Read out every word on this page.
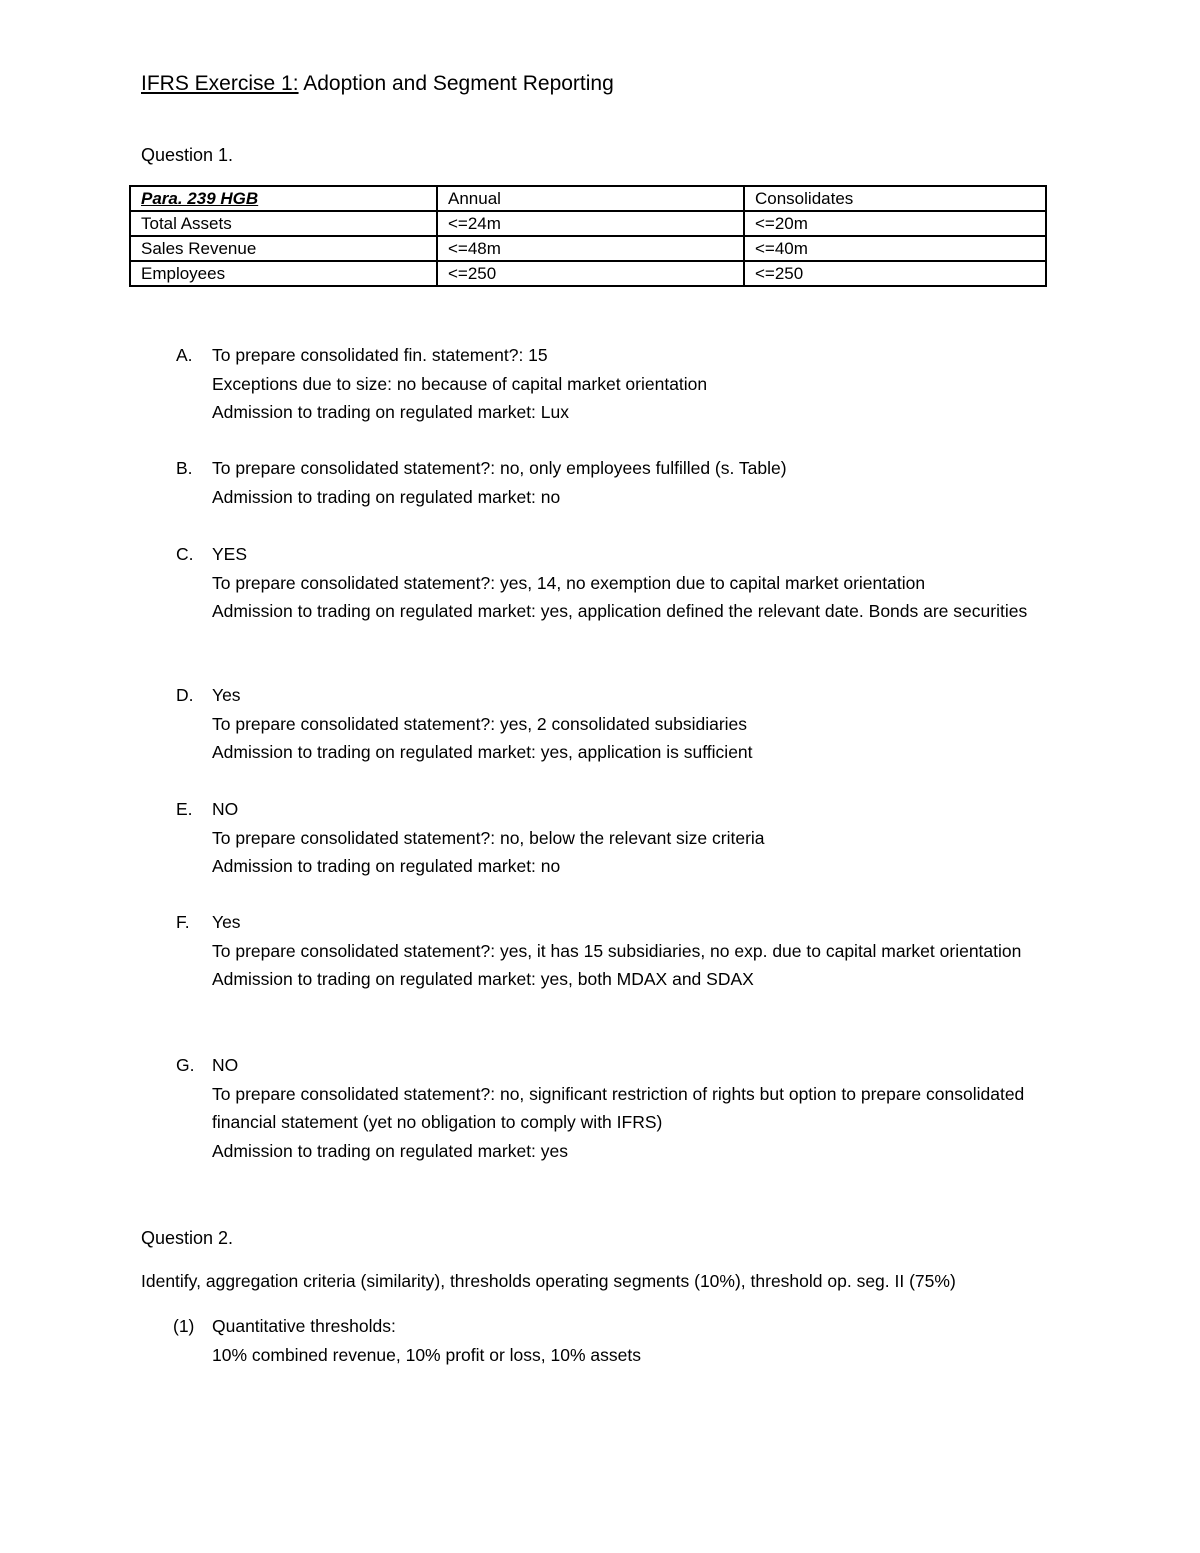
IFRS Exercise 1: Adoption and Segment Reporting
Question 1.
Para. 239 HGB	Annual	Consolidates
Total Assets	<=24m	<=20m
Sales Revenue	<=48m	<=40m
Employees	<=250	<=250
A.	To prepare consolidated fin. statement?: 15
Exceptions due to size: no because of capital market orientation
Admission to trading on regulated market: Lux
B.	To prepare consolidated statement?: no, only employees fulfilled (s. Table)
Admission to trading on regulated market: no
C.	YES
To prepare consolidated statement?: yes, 14, no exemption due to capital market orientation
Admission to trading on regulated market: yes, application defined the relevant date. Bonds are securities
D.	Yes
To prepare consolidated statement?: yes, 2 consolidated subsidiaries
Admission to trading on regulated market: yes, application is sufficient
E.	NO
To prepare consolidated statement?: no, below the relevant size criteria
Admission to trading on regulated market: no
F.	Yes
To prepare consolidated statement?: yes, it has 15 subsidiaries, no exp. due to capital market orientation
Admission to trading on regulated market: yes, both MDAX and SDAX
G.	NO
To prepare consolidated statement?: no, significant restriction of rights but option to prepare consolidated financial statement (yet no obligation to comply with IFRS)
Admission to trading on regulated market: yes
Question 2.
Identify, aggregation criteria (similarity), thresholds operating segments (10%), threshold op. seg. II (75%)
(1)	Quantitative thresholds:
10% combined revenue, 10% profit or loss, 10% assets
